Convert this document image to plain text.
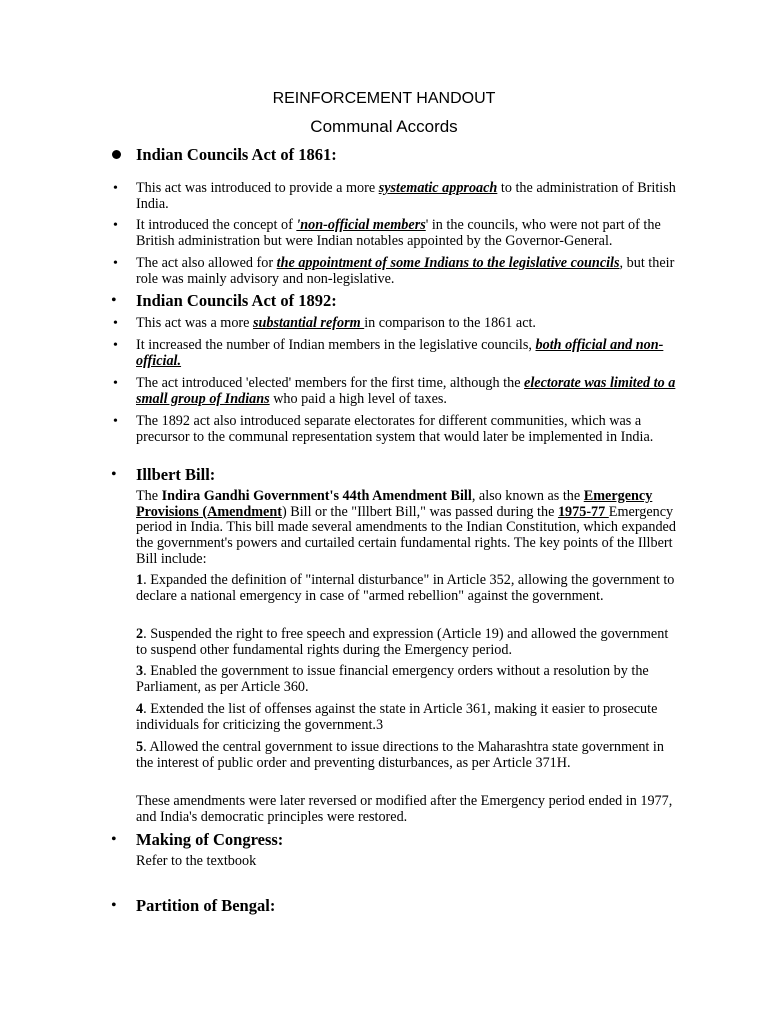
REINFORCEMENT HANDOUT
Communal Accords
Indian Councils Act of 1861:
• This act was introduced to provide a more systematic approach to the administration of British India.
• It introduced the concept of 'non-official members' in the councils, who were not part of the British administration but were Indian notables appointed by the Governor-General.
• The act also allowed for the appointment of some Indians to the legislative councils, but their role was mainly advisory and non-legislative.
• Indian Councils Act of 1892:
• This act was a more substantial reform in comparison to the 1861 act.
• It increased the number of Indian members in the legislative councils, both official and non-official.
• The act introduced 'elected' members for the first time, although the electorate was limited to a small group of Indians who paid a high level of taxes.
• The 1892 act also introduced separate electorates for different communities, which was a precursor to the communal representation system that would later be implemented in India.
• Illbert Bill:
The Indira Gandhi Government's 44th Amendment Bill, also known as the Emergency Provisions (Amendment) Bill or the "Illbert Bill," was passed during the 1975-77 Emergency period in India. This bill made several amendments to the Indian Constitution, which expanded the government's powers and curtailed certain fundamental rights. The key points of the Illbert Bill include:
1. Expanded the definition of "internal disturbance" in Article 352, allowing the government to declare a national emergency in case of "armed rebellion" against the government.
2. Suspended the right to free speech and expression (Article 19) and allowed the government to suspend other fundamental rights during the Emergency period.
3. Enabled the government to issue financial emergency orders without a resolution by the Parliament, as per Article 360.
4. Extended the list of offenses against the state in Article 361, making it easier to prosecute individuals for criticizing the government.3
5. Allowed the central government to issue directions to the Maharashtra state government in the interest of public order and preventing disturbances, as per Article 371H.
These amendments were later reversed or modified after the Emergency period ended in 1977, and India's democratic principles were restored.
• Making of Congress:
Refer to the textbook
• Partition of Bengal:
